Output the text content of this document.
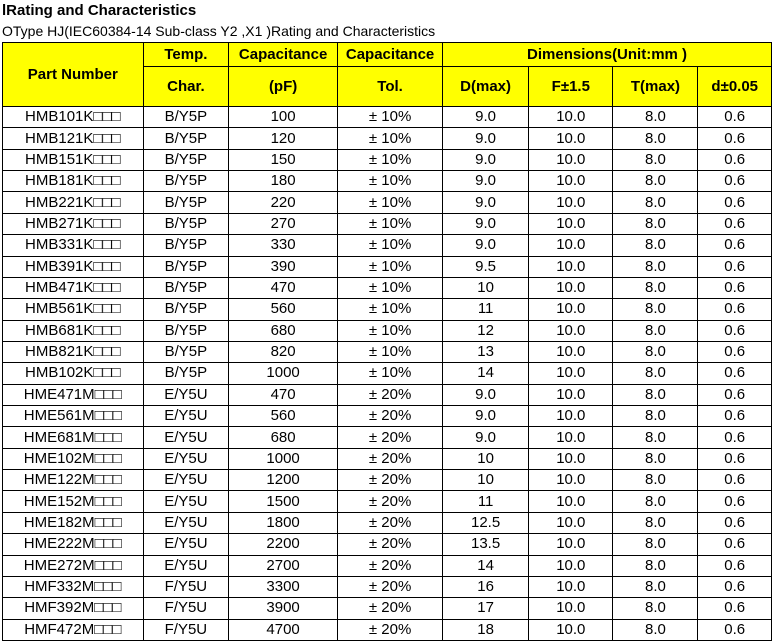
lRating and Characteristics
OType HJ(IEC60384-14 Sub-class Y2 ,X1 )Rating and Characteristics
Part Number	Temp.	Capacitance	Capacitance	Dimensions(Unit:mm )			
	Char.	(pF)	Tol.	D(max)	F±1.5	T(max)	d±0.05
HMB101K□□□	B/Y5P	100	± 10%	9.0	10.0	8.0	0.6
HMB121K□□□	B/Y5P	120	± 10%	9.0	10.0	8.0	0.6
HMB151K□□□	B/Y5P	150	± 10%	9.0	10.0	8.0	0.6
HMB181K□□□	B/Y5P	180	± 10%	9.0	10.0	8.0	0.6
HMB221K□□□	B/Y5P	220	± 10%	9.0	10.0	8.0	0.6
HMB271K□□□	B/Y5P	270	± 10%	9.0	10.0	8.0	0.6
HMB331K□□□	B/Y5P	330	± 10%	9.0	10.0	8.0	0.6
HMB391K□□□	B/Y5P	390	± 10%	9.5	10.0	8.0	0.6
HMB471K□□□	B/Y5P	470	± 10%	10	10.0	8.0	0.6
HMB561K□□□	B/Y5P	560	± 10%	11	10.0	8.0	0.6
HMB681K□□□	B/Y5P	680	± 10%	12	10.0	8.0	0.6
HMB821K□□□	B/Y5P	820	± 10%	13	10.0	8.0	0.6
HMB102K□□□	B/Y5P	1000	± 10%	14	10.0	8.0	0.6
HME471M□□□	E/Y5U	470	± 20%	9.0	10.0	8.0	0.6
HME561M□□□	E/Y5U	560	± 20%	9.0	10.0	8.0	0.6
HME681M□□□	E/Y5U	680	± 20%	9.0	10.0	8.0	0.6
HME102M□□□	E/Y5U	1000	± 20%	10	10.0	8.0	0.6
HME122M□□□	E/Y5U	1200	± 20%	10	10.0	8.0	0.6
HME152M□□□	E/Y5U	1500	± 20%	11	10.0	8.0	0.6
HME182M□□□	E/Y5U	1800	± 20%	12.5	10.0	8.0	0.6
HME222M□□□	E/Y5U	2200	± 20%	13.5	10.0	8.0	0.6
HME272M□□□	E/Y5U	2700	± 20%	14	10.0	8.0	0.6
HMF332M□□□	F/Y5U	3300	± 20%	16	10.0	8.0	0.6
HMF392M□□□	F/Y5U	3900	± 20%	17	10.0	8.0	0.6
HMF472M□□□	F/Y5U	4700	± 20%	18	10.0	8.0	0.6
